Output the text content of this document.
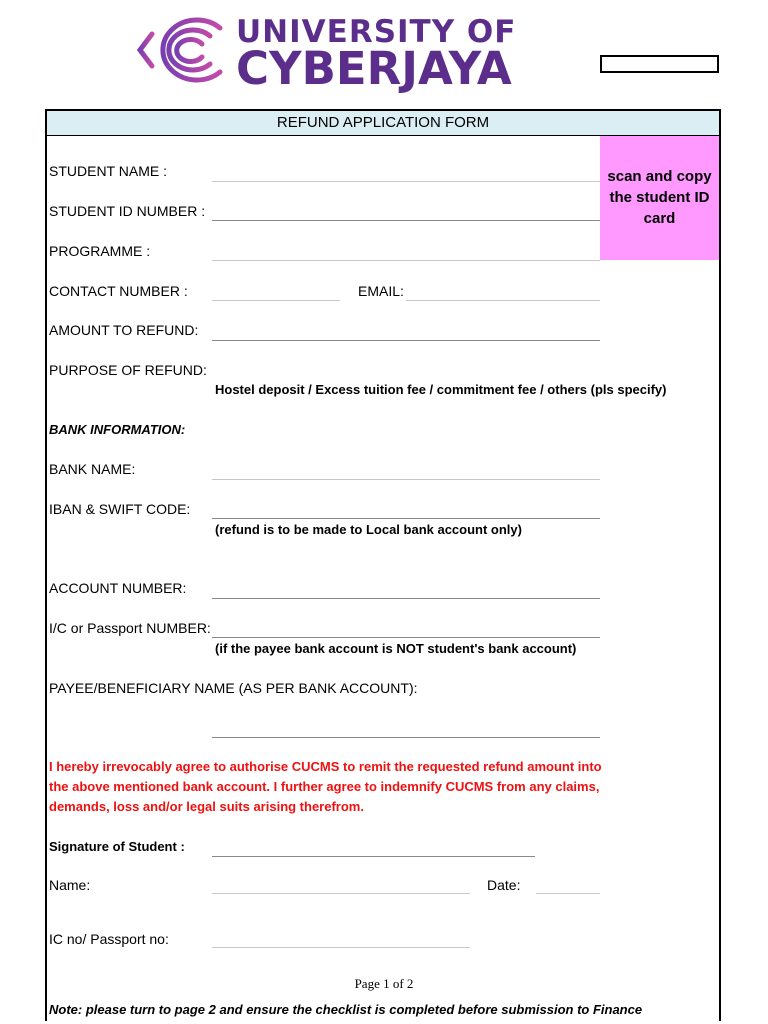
UNIVERSITY OF
CYBERJAYA
REFUND APPLICATION FORM
scan and copy the student ID card
STUDENT NAME :
STUDENT ID NUMBER :
PROGRAMME :
CONTACT NUMBER :	EMAIL:
AMOUNT TO REFUND:
PURPOSE OF REFUND:
Hostel deposit / Excess tuition fee / commitment fee / others (pls specify)
BANK INFORMATION:
BANK NAME:
IBAN & SWIFT CODE:
(refund is to be made to Local bank account only)
ACCOUNT NUMBER:
I/C or Passport NUMBER:
(if the payee bank account is NOT student's bank account)
PAYEE/BENEFICIARY NAME (AS PER BANK ACCOUNT):
I hereby irrevocably agree to authorise CUCMS to remit the requested refund amount into
the above mentioned bank account. I further agree to indemnify CUCMS from any claims,
demands, loss and/or legal suits arising therefrom.
Signature of Student :
Name:	Date:
IC no/ Passport no:
Page 1 of 2
Note: please turn to page 2 and ensure the checklist is completed before submission to Finance
